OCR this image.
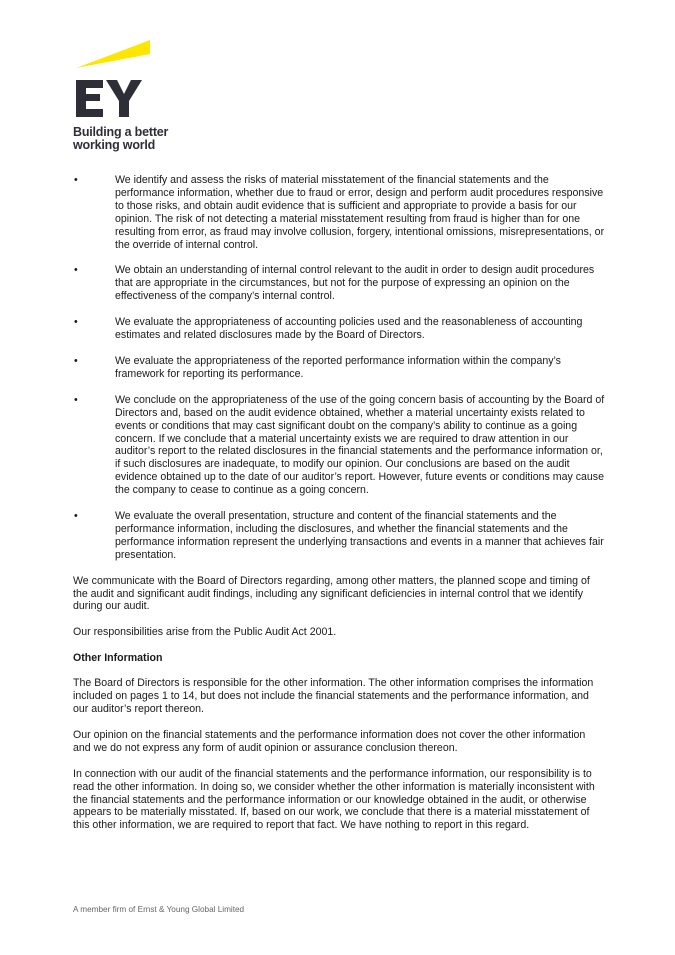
Building a better
working world
•	We identify and assess the risks of material misstatement of the financial statements and the performance information, whether due to fraud or error, design and perform audit procedures responsive to those risks, and obtain audit evidence that is sufficient and appropriate to provide a basis for our opinion. The risk of not detecting a material misstatement resulting from fraud is higher than for one resulting from error, as fraud may involve collusion, forgery, intentional omissions, misrepresentations, or the override of internal control.
•	We obtain an understanding of internal control relevant to the audit in order to design audit procedures that are appropriate in the circumstances, but not for the purpose of expressing an opinion on the effectiveness of the company’s internal control.
•	We evaluate the appropriateness of accounting policies used and the reasonableness of accounting estimates and related disclosures made by the Board of Directors.
•	We evaluate the appropriateness of the reported performance information within the company’s framework for reporting its performance.
•	We conclude on the appropriateness of the use of the going concern basis of accounting by the Board of Directors and, based on the audit evidence obtained, whether a material uncertainty exists related to events or conditions that may cast significant doubt on the company’s ability to continue as a going concern. If we conclude that a material uncertainty exists we are required to draw attention in our auditor’s report to the related disclosures in the financial statements and the performance information or, if such disclosures are inadequate, to modify our opinion. Our conclusions are based on the audit evidence obtained up to the date of our auditor’s report. However, future events or conditions may cause the company to cease to continue as a going concern.
•	We evaluate the overall presentation, structure and content of the financial statements and the performance information, including the disclosures, and whether the financial statements and the performance information represent the underlying transactions and events in a manner that achieves fair presentation.

We communicate with the Board of Directors regarding, among other matters, the planned scope and timing of the audit and significant audit findings, including any significant deficiencies in internal control that we identify during our audit.

Our responsibilities arise from the Public Audit Act 2001.

Other Information

The Board of Directors is responsible for the other information. The other information comprises the information included on pages 1 to 14, but does not include the financial statements and the performance information, and our auditor’s report thereon.

Our opinion on the financial statements and the performance information does not cover the other information and we do not express any form of audit opinion or assurance conclusion thereon.

In connection with our audit of the financial statements and the performance information, our responsibility is to read the other information. In doing so, we consider whether the other information is materially inconsistent with the financial statements and the performance information or our knowledge obtained in the audit, or otherwise appears to be materially misstated. If, based on our work, we conclude that there is a material misstatement of this other information, we are required to report that fact. We have nothing to report in this regard.

A member firm of Ernst & Young Global Limited
